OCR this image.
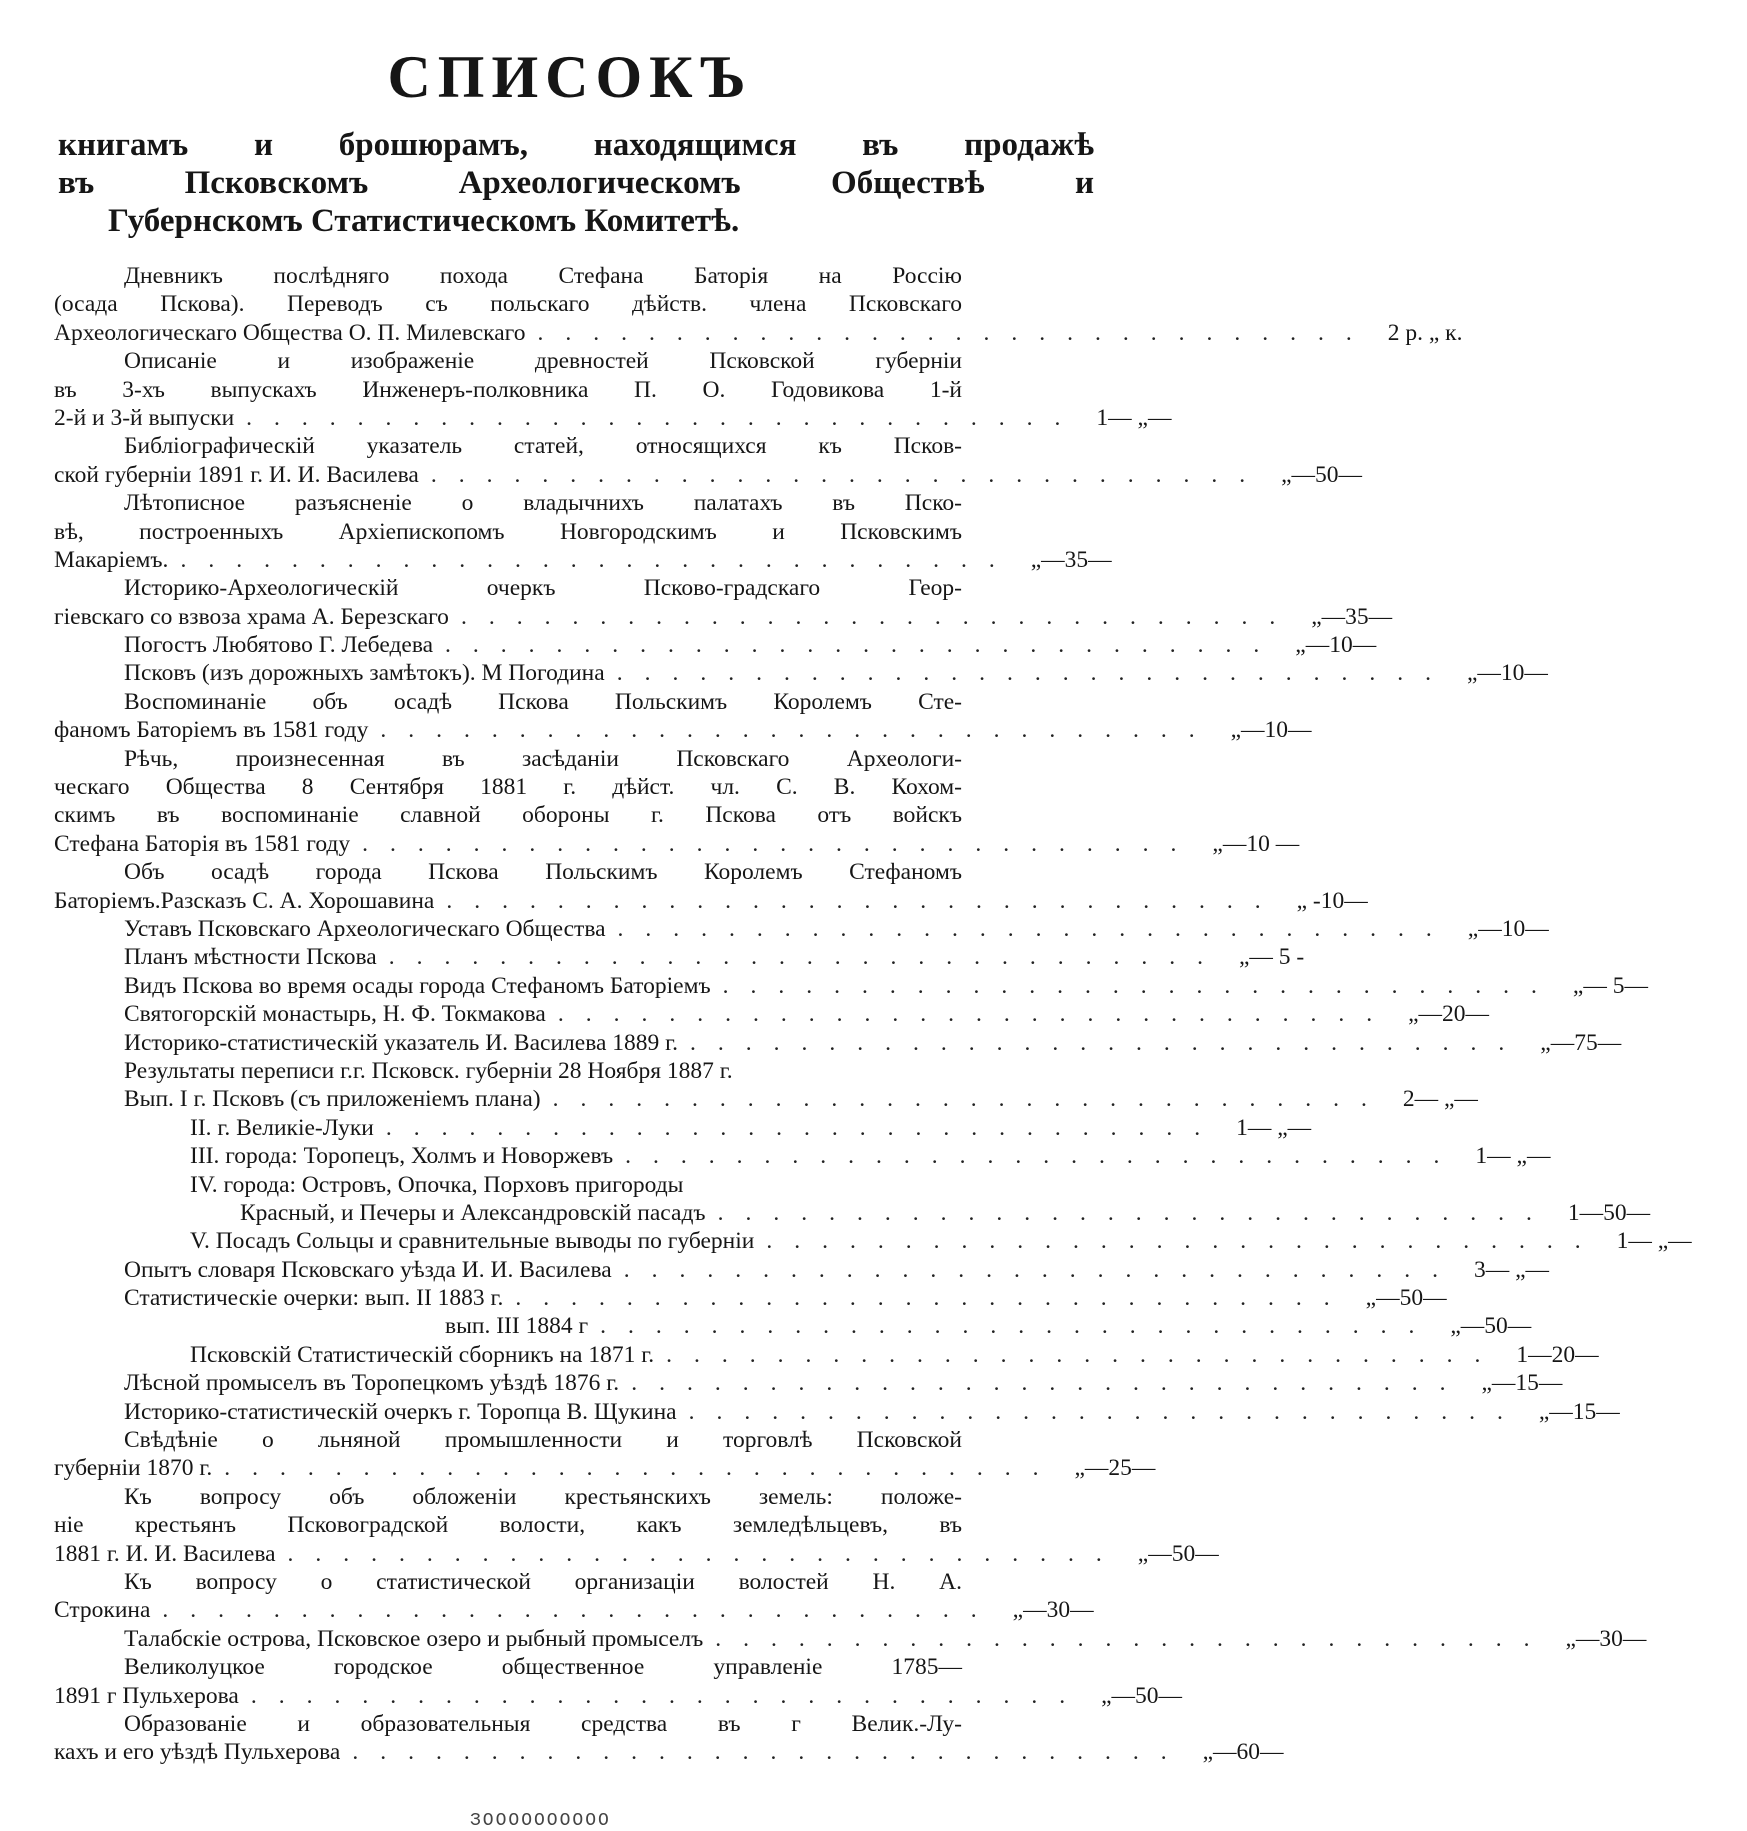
СПИСОКЪ
книгамъ и брошюрамъ, находящимся въ продажѣ
въ Псковскомъ Археологическомъ Обществѣ и
Губернскомъ Статистическомъ Комитетѣ.
Дневникъ послѣдняго похода Стефана Баторія на Россію
(осада Пскова). Переводъ съ польскаго дѣйств. члена Псковскаго
Археологическаго Общества О. П. Милевскаго .............................. 2 р. „ к.
Описаніе и изображеніе древностей Псковской губерніи
въ 3-хъ выпускахъ Инженеръ-полковника П. О. Годовикова 1-й
2-й и 3-й выпуски .............................. 1— „—
Библіографическій указатель статей, относящихся къ Псков-
ской губерніи 1891 г. И. И. Василева .............................. „—50—
Лѣтописное разъясненіе о владычнихъ палатахъ въ Пско-
вѣ, построенныхъ Архіепископомъ Новгородскимъ и Псковскимъ
Макаріемъ. .............................. „—35—
Историко-Археологическій очеркъ Псково-градскаго Геор-
гіевскаго со взвоза храма А. Березскаго .............................. „—35—
Погостъ Любятово Г. Лебедева .............................. „—10—
Псковъ (изъ дорожныхъ замѣтокъ). М Погодина .............................. „—10—
Воспоминаніе объ осадѣ Пскова Польскимъ Королемъ Сте-
фаномъ Баторіемъ въ 1581 году .............................. „—10—
Рѣчь, произнесенная въ засѣданіи Псковскаго Археологи-
ческаго Общества 8 Сентября 1881 г. дѣйст. чл. С. В. Кохом-
скимъ въ воспоминаніе славной обороны г. Пскова отъ войскъ
Стефана Баторія въ 1581 году .............................. „—10 —
Объ осадѣ города Пскова Польскимъ Королемъ Стефаномъ
Баторіемъ.Разсказъ С. А. Хорошавина .............................. „ -10—
Уставъ Псковскаго Археологическаго Общества .............................. „—10—
Планъ мѣстности Пскова .............................. „— 5 -
Видъ Пскова во время осады города Стефаномъ Баторіемъ .............................. „— 5—
Святогорскій монастырь, Н. Ф. Токмакова .............................. „—20—
Историко-статистическій указатель И. Василева 1889 г. .............................. „—75—
Результаты переписи г.г. Псковск. губерніи 28 Ноября 1887 г.
Вып. I г. Псковъ (съ приложеніемъ плана) .............................. 2— „—
II. г. Великіе-Луки .............................. 1— „—
III. города: Торопецъ, Холмъ и Новоржевъ .............................. 1— „—
IV. города: Островъ, Опочка, Порховъ пригороды
Красный, и Печеры и Александровскій пасадъ .............................. 1—50—
V. Посадъ Сольцы и сравнительные выводы по губерніи .............................. 1— „—
Опытъ словаря Псковскаго уѣзда И. И. Василева .............................. 3— „—
Статистическіе очерки: вып. II 1883 г. .............................. „—50—
вып. III 1884 г .............................. „—50—
Псковскій Статистическій сборникъ на 1871 г. .............................. 1—20—
Лѣсной промыселъ въ Торопецкомъ уѣздѣ 1876 г. .............................. „—15—
Историко-статистическій очеркъ г. Торопца В. Щукина .............................. „—15—
Свѣдѣніе о льняной промышленности и торговлѣ Псковской
губерніи 1870 г. .............................. „—25—
Къ вопросу объ обложеніи крестьянскихъ земель: положе-
ніе крестьянъ Псковоградской волости, какъ земледѣльцевъ, въ
1881 г. И. И. Василева .............................. „—50—
Къ вопросу о статистической организаціи волостей Н. А.
Строкина .............................. „—30—
Талабскіе острова, Псковское озеро и рыбный промыселъ .............................. „—30—
Великолуцкое городское общественное управленіе 1785—
1891 г Пульхерова .............................. „—50—
Образованіе и образовательныя средства въ г Велик.-Лу-
кахъ и его уѣздѣ Пульхерова .............................. „—60—
ЗОООООООООО
